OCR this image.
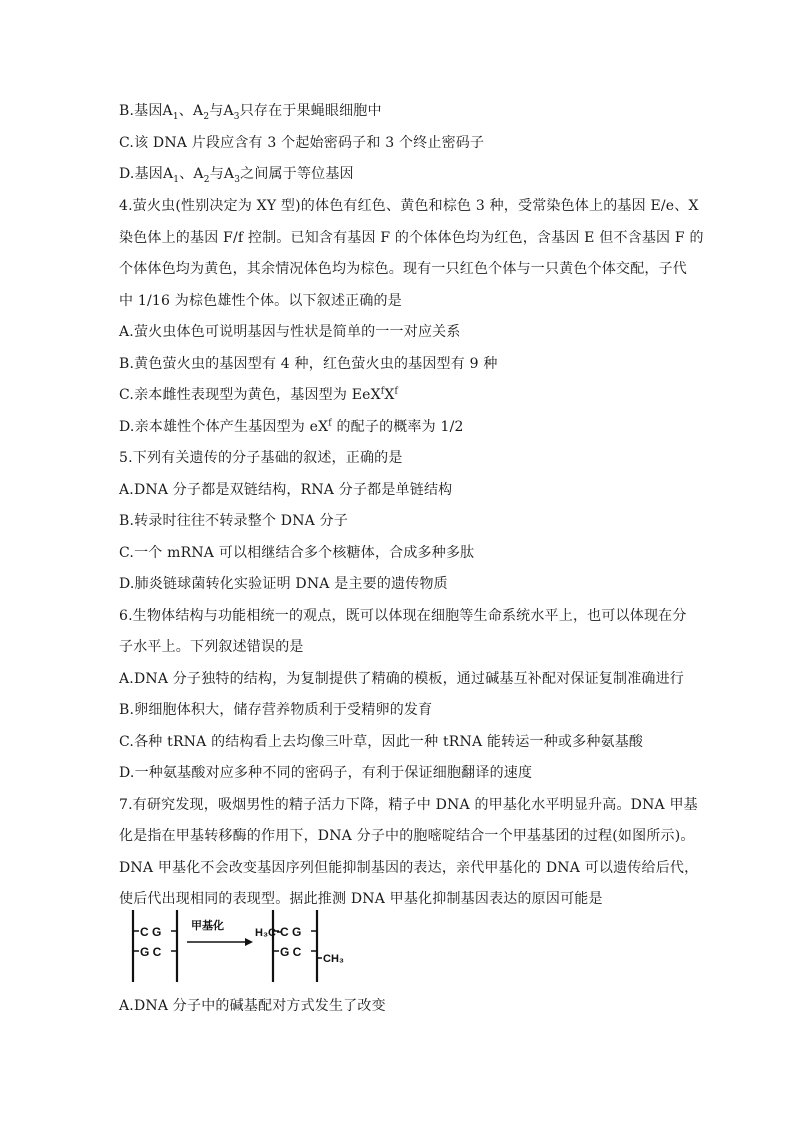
B.基因$A_1$、$A_2$与$A_3$只存在于果蝇眼细胞中
C.该 DNA 片段应含有 3 个起始密码子和 3 个终止密码子
D.基因$A_1$、$A_2$与$A_3$之间属于等位基因
4.萤火虫(性别决定为 XY 型)的体色有红色、黄色和棕色 3 种，受常染色体上的基因 E/e、X
染色体上的基因 F/f 控制。已知含有基因 F 的个体体色均为红色，含基因 E 但不含基因 F 的
个体体色均为黄色，其余情况体色均为棕色。现有一只红色个体与一只黄色个体交配，子代
中 1/16 为棕色雄性个体。以下叙述正确的是
A.萤火虫体色可说明基因与性状是简单的一一对应关系
B.黄色萤火虫的基因型有 4 种，红色萤火虫的基因型有 9 种
C.亲本雌性表现型为黄色，基因型为 $EeX^fX^f$
D.亲本雄性个体产生基因型为 $eX^f$ 的配子的概率为 1/2
5.下列有关遗传的分子基础的叙述，正确的是
A.DNA 分子都是双链结构，RNA 分子都是单链结构
B.转录时往往不转录整个 DNA 分子
C.一个 mRNA 可以相继结合多个核糖体，合成多种多肽
D.肺炎链球菌转化实验证明 DNA 是主要的遗传物质
6.生物体结构与功能相统一的观点，既可以体现在细胞等生命系统水平上，也可以体现在分
子水平上。下列叙述错误的是
A.DNA 分子独特的结构，为复制提供了精确的模板，通过碱基互补配对保证复制准确进行
B.卵细胞体积大，储存营养物质利于受精卵的发育
C.各种 tRNA 的结构看上去均像三叶草，因此一种 tRNA 能转运一种或多种氨基酸
D.一种氨基酸对应多种不同的密码子，有利于保证细胞翻译的速度
7.有研究发现，吸烟男性的精子活力下降，精子中 DNA 的甲基化水平明显升高。DNA 甲基
化是指在甲基转移酶的作用下，DNA 分子中的胞嘧啶结合一个甲基基团的过程(如图所示)。
DNA 甲基化不会改变基因序列但能抑制基因的表达，亲代甲基化的 DNA 可以遗传给后代，
使后代出现相同的表现型。据此推测 DNA 甲基化抑制基因表达的原因可能是
C G
G C
甲基化
H₃C C G
G C CH₃
A.DNA 分子中的碱基配对方式发生了改变
